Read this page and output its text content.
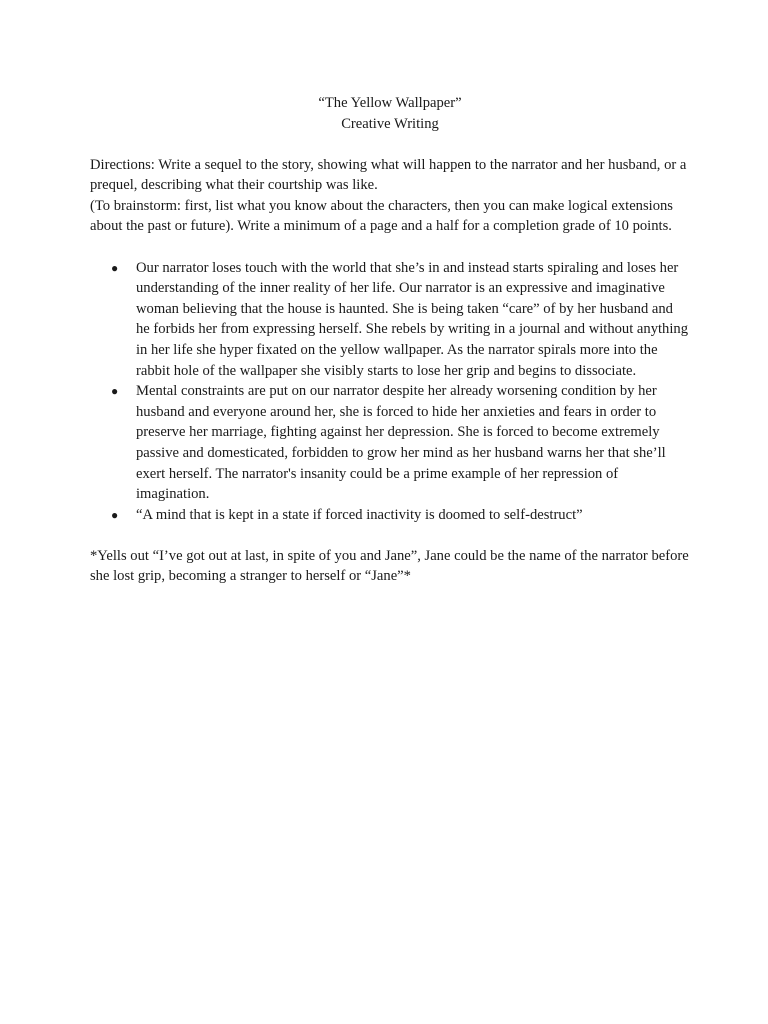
“The Yellow Wallpaper”
Creative Writing
Directions: Write a sequel to the story, showing what will happen to the narrator and her husband, or a prequel, describing what their courtship was like.
(To brainstorm: first, list what you know about the characters, then you can make logical extensions about the past or future). Write a minimum of a page and a half for a completion grade of 10 points.
● Our narrator loses touch with the world that she’s in and instead starts spiraling and loses her understanding of the inner reality of her life. Our narrator is an expressive and imaginative woman believing that the house is haunted. She is being taken “care” of by her husband and he forbids her from expressing herself. She rebels by writing in a journal and without anything in her life she hyper fixated on the yellow wallpaper. As the narrator spirals more into the rabbit hole of the wallpaper she visibly starts to lose her grip and begins to dissociate.
● Mental constraints are put on our narrator despite her already worsening condition by her husband and everyone around her, she is forced to hide her anxieties and fears in order to preserve her marriage, fighting against her depression. She is forced to become extremely passive and domesticated, forbidden to grow her mind as her husband warns her that she’ll exert herself. The narrator's insanity could be a prime example of her repression of imagination.
● “A mind that is kept in a state if forced inactivity is doomed to self-destruct”
*Yells out “I’ve got out at last, in spite of you and Jane”, Jane could be the name of the narrator before she lost grip, becoming a stranger to herself or “Jane”*
